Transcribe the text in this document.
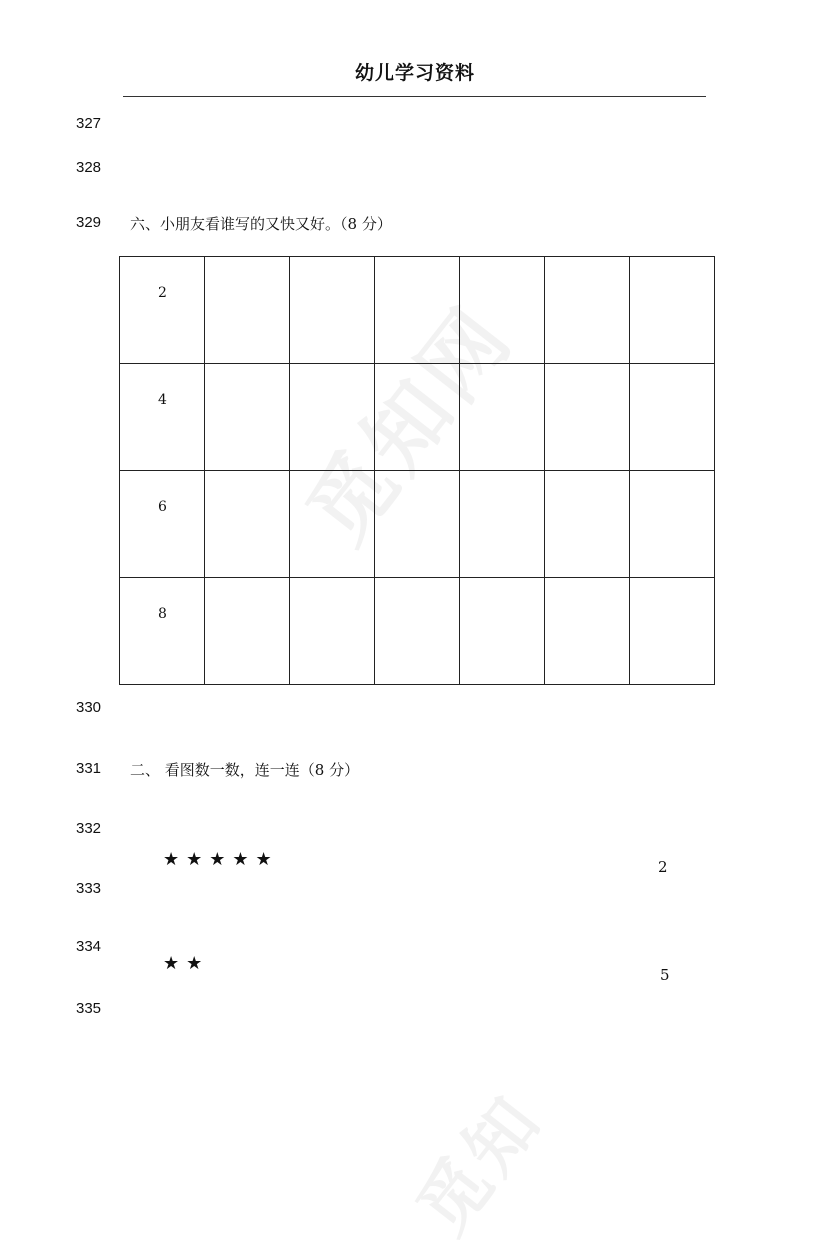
觅知网
觅知
幼儿学习资料
327
328
329 六、小朋友看谁写的又快又好。（8 分）
2						

4						

6						

8						

330
331 二、 看图数一数，连一连（8 分）
332
★★★★★	2
333
334
★★
5
335
